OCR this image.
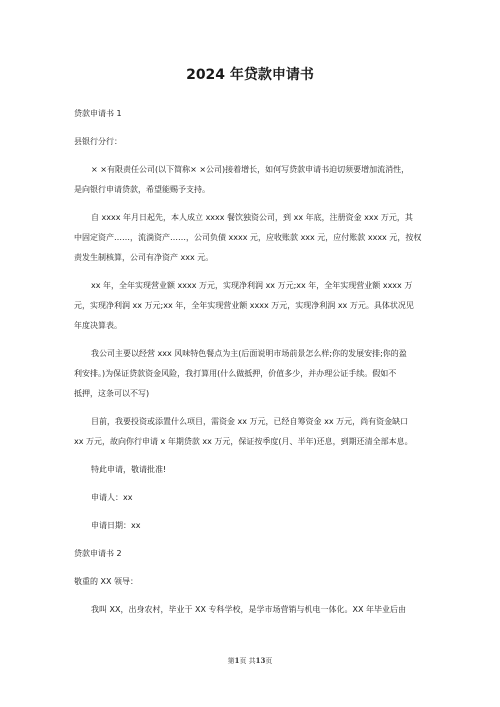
2024 年贷款申请书
贷款申请书 1
县银行分行：
× ×有限责任公司(以下简称× ×公司)接着增长，如何写贷款申请书迫切须要增加流消性，
是向银行申请贷款，希望能赐予支持。
自 xxxx 年月日起先，本人成立 xxxx 餐饮独资公司，到 xx 年底，注册资金 xxx 万元，其
中固定资产……，流淌资产……，公司负债 xxxx 元，应收账款 xxx 元，应付账款 xxxx 元，按权
责发生制核算，公司有净资产 xxx 元。
xx 年，全年实现营业额 xxxx 万元，实现净利润 xx 万元;xx 年，全年实现营业额 xxxx 万
元，实现净利润 xx 万元;xx 年，全年实现营业额 xxxx 万元，实现净利润 xx 万元。具体状况见
年度决算表。
我公司主要以经营 xxx 风味特色餐点为主(后面说明市场前景怎么样;你的发展安排;你的盈
利安排。)为保证贷款资金风险，我打算用(什么做抵押，价值多少，并办理公证手续。假如不
抵押，这条可以不写)
目前，我要投资或添置什么项目，需资金 xx 万元，已经自筹资金 xx 万元，尚有资金缺口
xx 万元，故向你行申请 x 年期贷款 xx 万元，保证按季度(月、半年)还息，到期还清全部本息。
特此申请，敬请批准!
申请人：xx
申请日期：xx
贷款申请书 2
敬重的 XX 领导：
我叫 XX，出身农村，毕业于 XX 专科学校，是学市场营销与机电一体化。XX 年毕业后由
第1页 共13页
